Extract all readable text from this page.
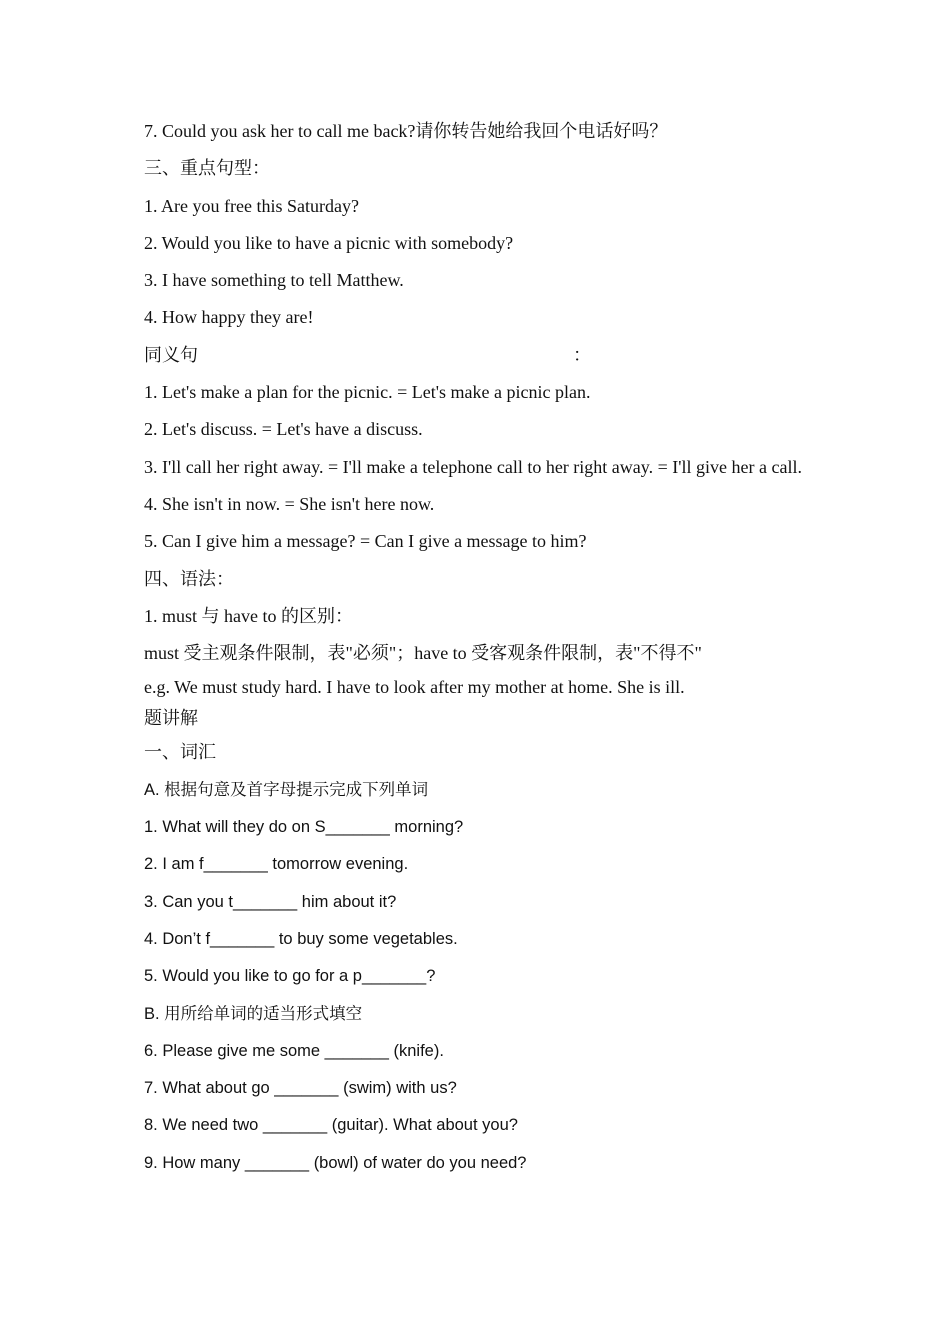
7. Could you ask her to call me back?请你转告她给我回个电话好吗？

三、重点句型：

1. Are you free this Saturday?

2. Would you like to have a picnic with somebody?

3. I have something to tell Matthew.

4. How happy they are!

同义句	：

1. Let's make a plan for the picnic. = Let's make a picnic plan.

2. Let's discuss. = Let's have a discuss.

3. I'll call her right away. = I'll make a telephone call to her right away. = I'll give her a call.

4. She isn't in now. = She isn't here now.

5. Can I give him a message? = Can I give a message to him?

四、语法：

1. must 与 have to 的区别：

must 受主观条件限制，表"必须"；have to 受客观条件限制，表"不得不"

e.g. We must study hard. I have to look after my mother at home. She is ill.

题讲解

一、词汇

A. 根据句意及首字母提示完成下列单词

1. What will they do on S_______ morning?

2. I am f_______ tomorrow evening.

3. Can you t_______ him about it?

4. Don’t f_______ to buy some vegetables.

5. Would you like to go for a p_______?

B. 用所给单词的适当形式填空

6. Please give me some _______ (knife).

7. What about go _______ (swim) with us?

8. We need two _______ (guitar). What about you?

9. How many _______ (bowl) of water do you need?
